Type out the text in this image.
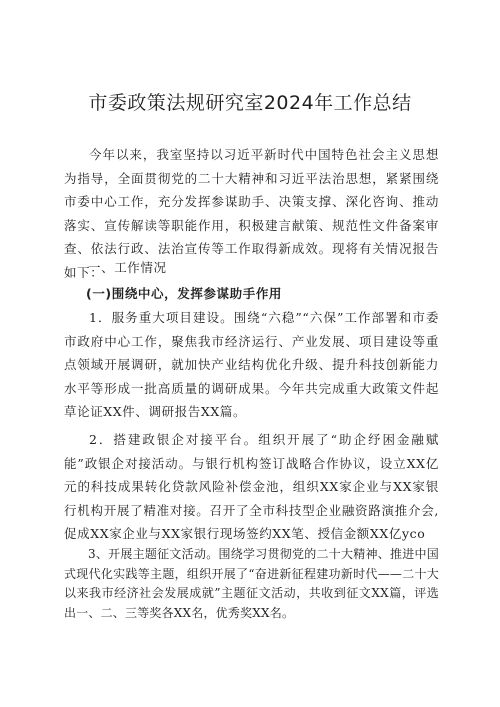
市委政策法规研究室2024年工作总结

今年以来，我室坚持以习近平新时代中国特色社会主义思想为指导，全面贯彻党的二十大精神和习近平法治思想，紧紧围绕市委中心工作，充分发挥参谋助手、决策支撑、深化咨询、推动落实、宣传解读等职能作用，积极建言献策、规范性文件备案审查、依法行政、法治宣传等工作取得新成效。现将有关情况报告如下：

一、工作情况

(一)围绕中心，发挥参谋助手作用

1．服务重大项目建设。围绕“六稳”“六保”工作部署和市委市政府中心工作，聚焦我市经济运行、产业发展、项目建设等重点领域开展调研，就加快产业结构优化升级、提升科技创新能力水平等形成一批高质量的调研成果。今年共完成重大政策文件起草论证XX件、调研报告XX篇。

2．搭建政银企对接平台。组织开展了“助企纾困金融赋能”政银企对接活动。与银行机构签订战略合作协议，设立XX亿元的科技成果转化贷款风险补偿金池，组织XX家企业与XX家银行机构开展了精准对接。召开了全市科技型企业融资路演推介会,促成XX家企业与XX家银行现场签约XX笔、授信金额XX亿yco

3、开展主题征文活动。围绕学习贯彻党的二十大精神、推进中国式现代化实践等主题，组织开展了“奋进新征程建功新时代——二十大以来我市经济社会发展成就”主题征文活动，共收到征文XX篇，评选出一、二、三等奖各XX名，优秀奖XX名。
